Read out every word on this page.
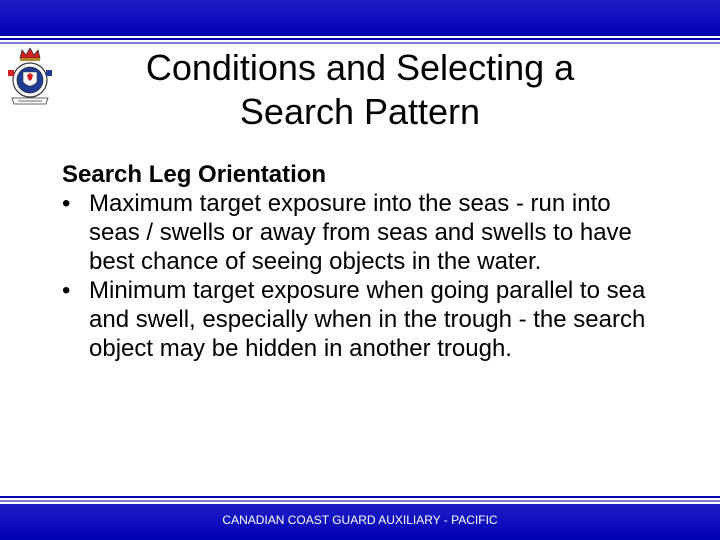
Conditions and Selecting a
Search Pattern
Search Leg Orientation
• Maximum target exposure into the seas - run into seas / swells or away from seas and swells to have best chance of seeing objects in the water.
• Minimum target exposure when going parallel to sea and swell, especially when in the trough - the search object may be hidden in another trough.
CANADIAN COAST GUARD AUXILIARY - PACIFIC
